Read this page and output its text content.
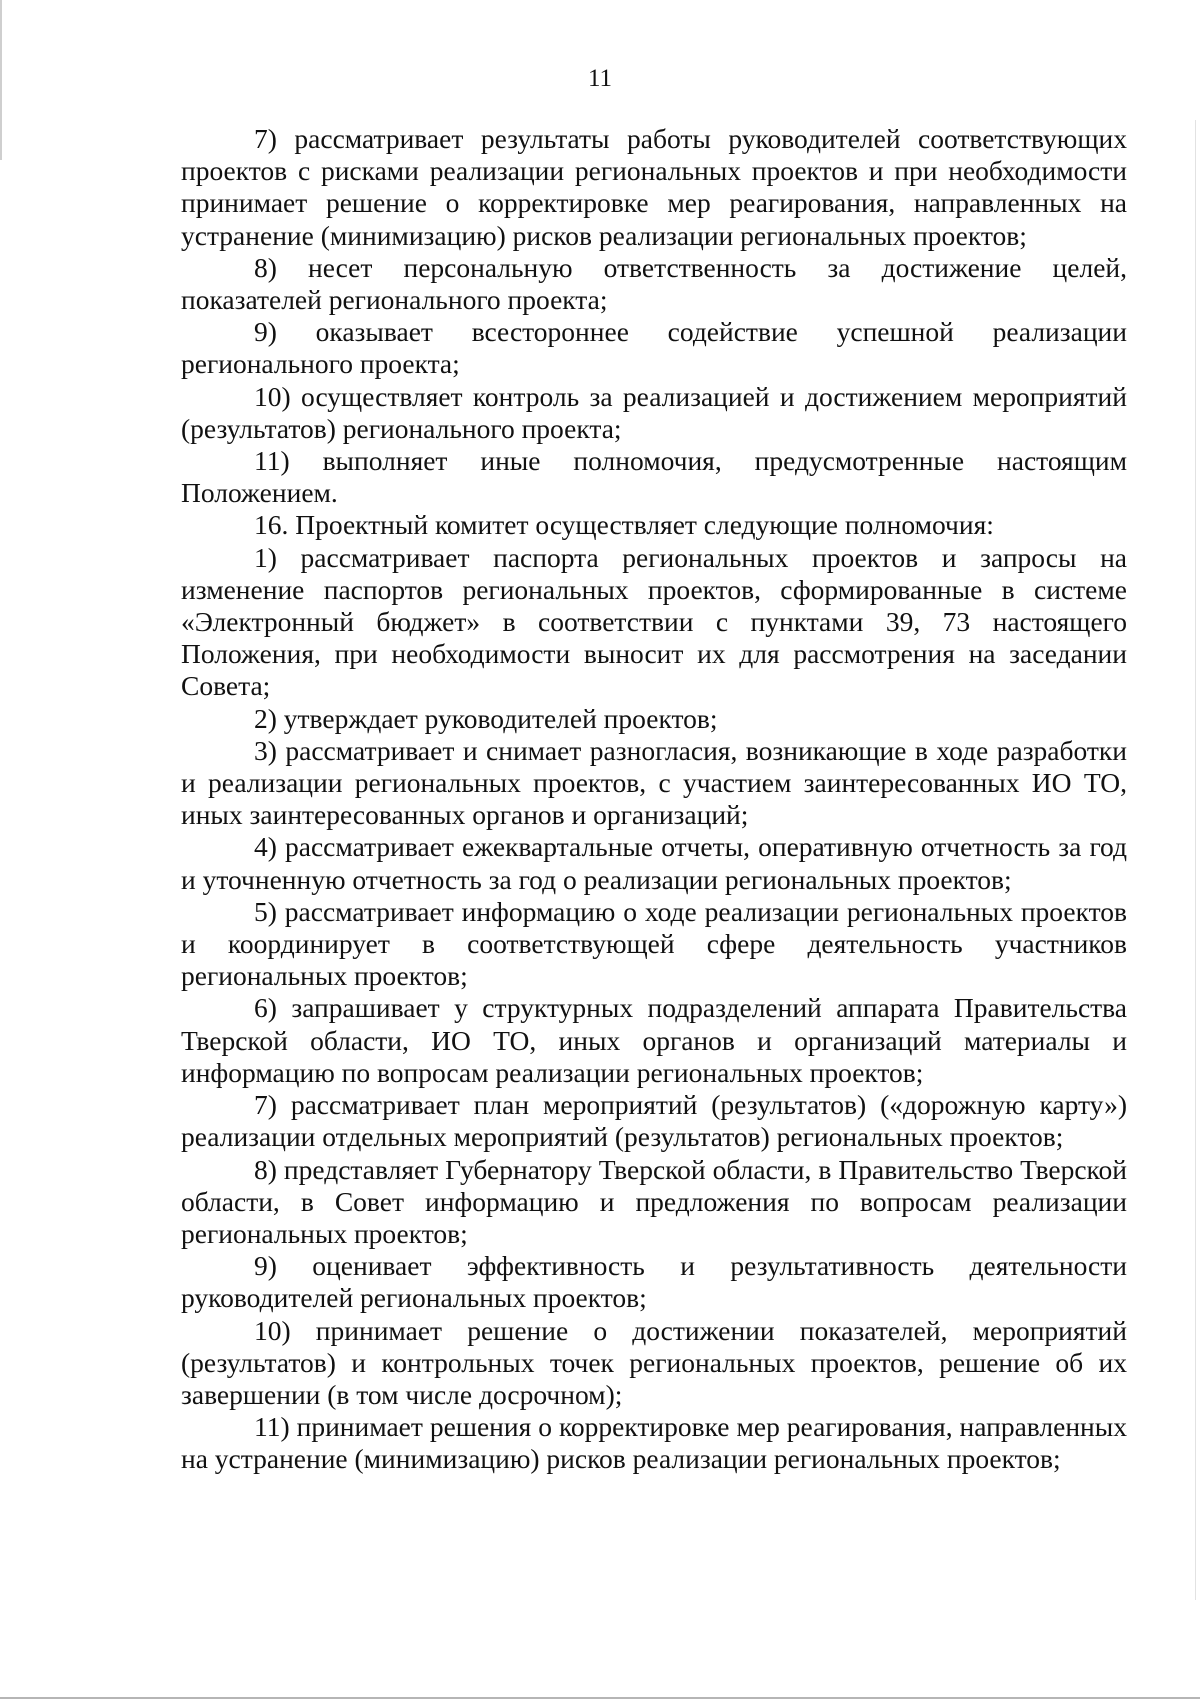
11

7) рассматривает результаты работы руководителей соответствующих проектов с рисками реализации региональных проектов и при необходимости принимает решение о корректировке мер реагирования, направленных на устранение (минимизацию) рисков реализации региональных проектов;

8) несет персональную ответственность за достижение целей, показателей регионального проекта;

9) оказывает всестороннее содействие успешной реализации регионального проекта;

10) осуществляет контроль за реализацией и достижением мероприятий (результатов) регионального проекта;

11) выполняет иные полномочия, предусмотренные настоящим Положением.

16. Проектный комитет осуществляет следующие полномочия:

1) рассматривает паспорта региональных проектов и запросы на изменение паспортов региональных проектов, сформированные в системе «Электронный бюджет» в соответствии с пунктами 39, 73 настоящего Положения, при необходимости выносит их для рассмотрения на заседании Совета;

2) утверждает руководителей проектов;

3) рассматривает и снимает разногласия, возникающие в ходе разработки и реализации региональных проектов, с участием заинтересованных ИО ТО, иных заинтересованных органов и организаций;

4) рассматривает ежеквартальные отчеты, оперативную отчетность за год и уточненную отчетность за год о реализации региональных проектов;

5) рассматривает информацию о ходе реализации региональных проектов и координирует в соответствующей сфере деятельность участников региональных проектов;

6) запрашивает у структурных подразделений аппарата Правительства Тверской области, ИО ТО, иных органов и организаций материалы и информацию по вопросам реализации региональных проектов;

7) рассматривает план мероприятий (результатов) («дорожную карту») реализации отдельных мероприятий (результатов) региональных проектов;

8) представляет Губернатору Тверской области, в Правительство Тверской области, в Совет информацию и предложения по вопросам реализации региональных проектов;

9) оценивает эффективность и результативность деятельности руководителей региональных проектов;

10) принимает решение о достижении показателей, мероприятий (результатов) и контрольных точек региональных проектов, решение об их завершении (в том числе досрочном);

11) принимает решения о корректировке мер реагирования, направленных на устранение (минимизацию) рисков реализации региональных проектов;
